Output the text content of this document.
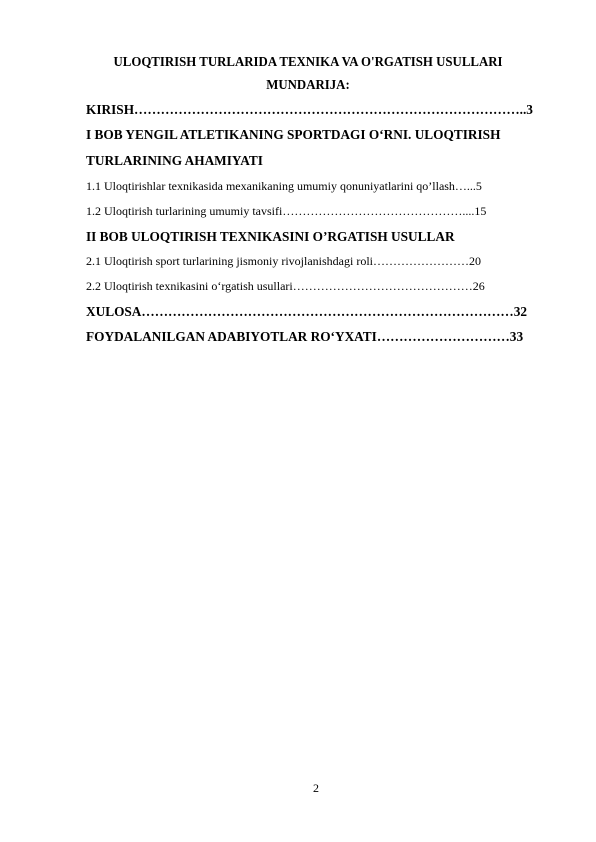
ULOQTIRISH TURLARIDA TEXNIKA VA O'RGATISH USULLARI
MUNDARIJA:
KIRISH……………………………………………………………………………..3
I BOB YENGIL ATLETIKANING SPORTDAGI O‘RNI. ULOQTIRISH
TURLARINING AHAMIYATI
1.1 Uloqtirishlar texnikasida mexanikaning umumiy qonuniyatlarini qo’llash…...5
1.2 Uloqtirish turlarining umumiy tavsifi………………………………………....15
II BOB ULOQTIRISH TEXNIKASINI O’RGATISH USULLAR
2.1 Uloqtirish sport turlarining jismoniy rivojlanishdagi roli……………………20
2.2 Uloqtirish texnikasini o‘rgatish usullari………………………………………26
XULOSA…………………………………………………………………………32
FOYDALANILGAN ADABIYOTLAR RO‘YXATI…………………………33
2
